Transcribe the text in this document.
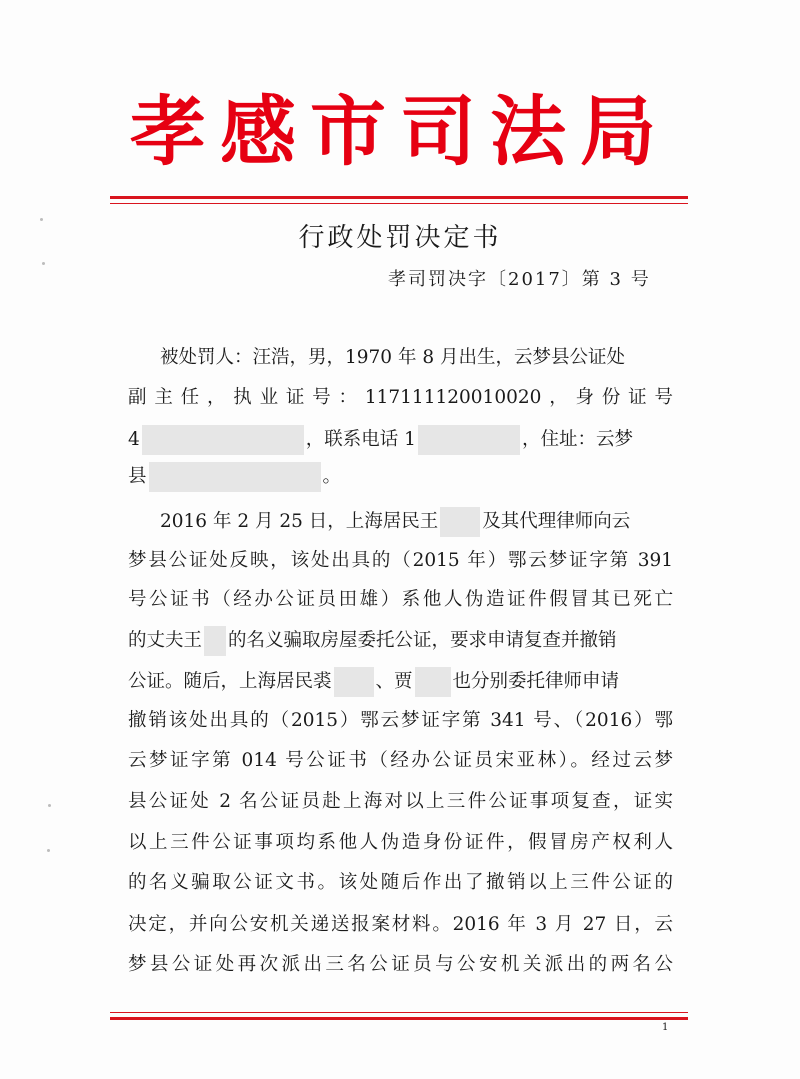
孝感市司法局
行政处罚决定书
孝司罚决字〔2017〕第 3 号
被处罚人：汪浩，男，1970 年 8 月出生，云梦县公证处
副主任，执业证号：117111120010020，身份证号
4	，联系电话 1	，住址：云梦
县	。
2016 年 2 月 25 日，上海居民王 及其代理律师向云
梦县公证处反映，该处出具的（2015 年）鄂云梦证字第 391
号公证书（经办公证员田雄）系他人伪造证件假冒其已死亡
的丈夫王 的名义骗取房屋委托公证，要求申请复查并撤销
公证。随后，上海居民裘 、贾 也分别委托律师申请
撤销该处出具的（2015）鄂云梦证字第 341 号、（2016）鄂
云梦证字第 014 号公证书（经办公证员宋亚林）。经过云梦
县公证处 2 名公证员赴上海对以上三件公证事项复查，证实
以上三件公证事项均系他人伪造身份证件，假冒房产权利人
的名义骗取公证文书。该处随后作出了撤销以上三件公证的
决定，并向公安机关递送报案材料。2016 年 3 月 27 日，云
梦县公证处再次派出三名公证员与公安机关派出的两名公
1
